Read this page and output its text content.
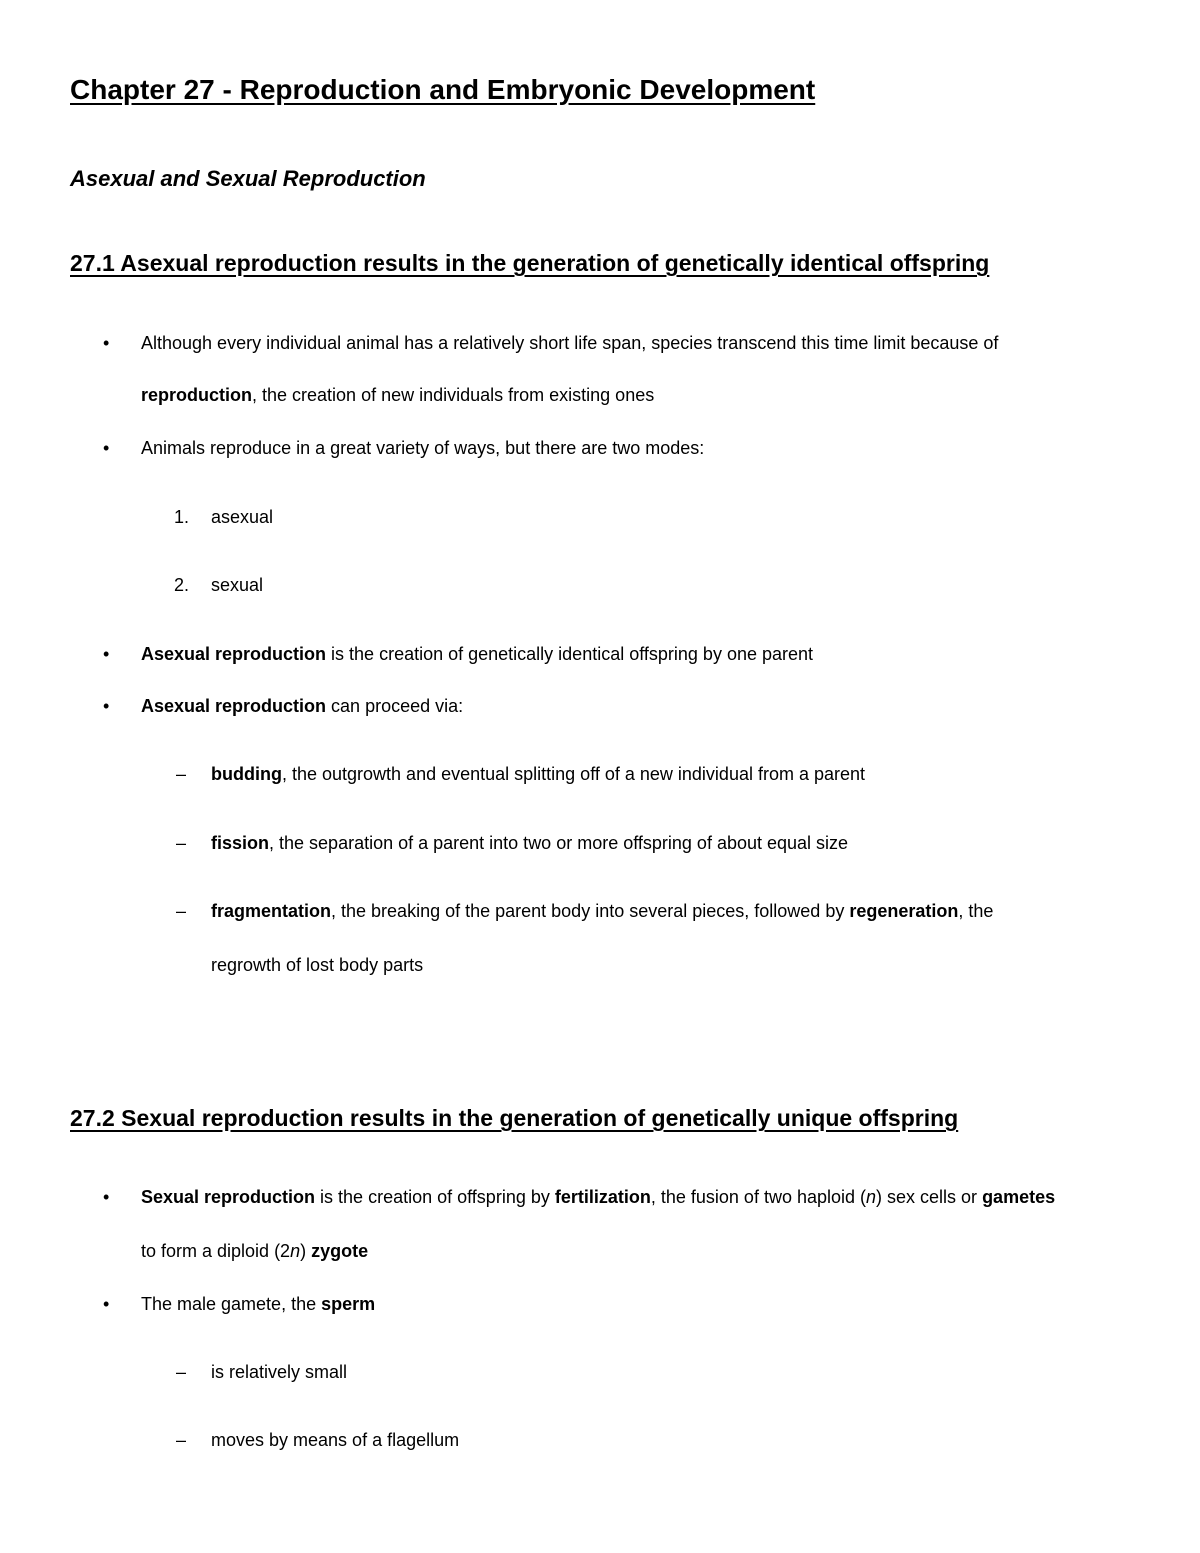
Chapter 27 - Reproduction and Embryonic Development
Asexual and Sexual Reproduction
27.1 Asexual reproduction results in the generation of genetically identical offspring
• Although every individual animal has a relatively short life span, species transcend this time limit because of
reproduction, the creation of new individuals from existing ones
• Animals reproduce in a great variety of ways, but there are two modes:
1. asexual
2. sexual
• Asexual reproduction is the creation of genetically identical offspring by one parent
• Asexual reproduction can proceed via:
– budding, the outgrowth and eventual splitting off of a new individual from a parent
– fission, the separation of a parent into two or more offspring of about equal size
– fragmentation, the breaking of the parent body into several pieces, followed by regeneration, the
regrowth of lost body parts
27.2 Sexual reproduction results in the generation of genetically unique offspring
• Sexual reproduction is the creation of offspring by fertilization, the fusion of two haploid (n) sex cells or gametes
to form a diploid (2n) zygote
• The male gamete, the sperm
– is relatively small
– moves by means of a flagellum
